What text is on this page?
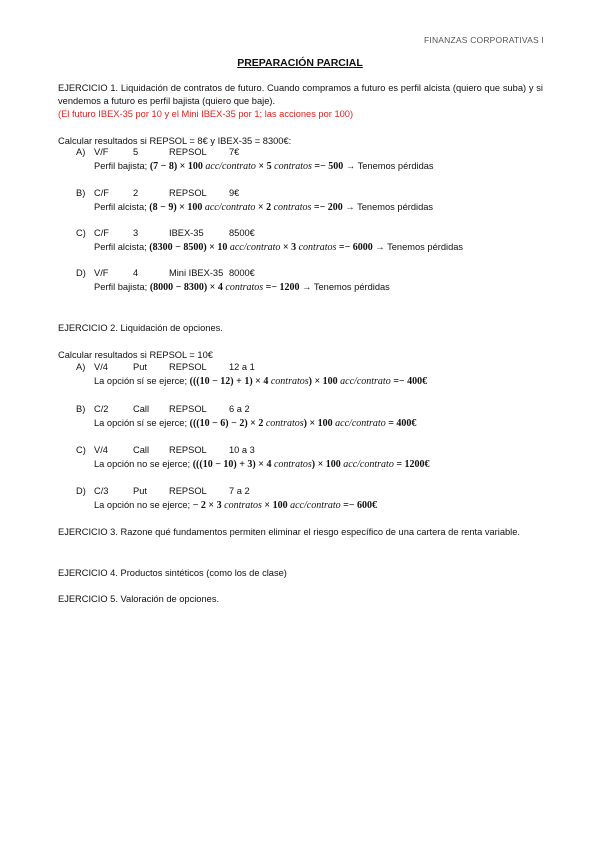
FINANZAS CORPORATIVAS I
PREPARACIÓN PARCIAL
EJERCICIO 1. Liquidación de contratos de futuro. Cuando compramos a futuro es perfil alcista (quiero que suba) y si vendemos a futuro es perfil bajista (quiero que baje).
(El futuro IBEX-35 por 10 y el Mini IBEX-35 por 1; las acciones por 100)
Calcular resultados si REPSOL = 8€ y IBEX-35 = 8300€:
A) V/F	5	REPSOL 7€
Perfil bajista; (7 − 8) × 100 acc/contrato × 5 contratos =− 500 → Tenemos pérdidas
B) C/F	2	REPSOL 9€
Perfil alcista; (8 − 9) × 100 acc/contrato × 2 contratos =− 200 → Tenemos pérdidas
C) C/F	3	IBEX-35	8500€
Perfil alcista; (8300 − 8500) × 10 acc/contrato × 3 contratos =− 6000 → Tenemos pérdidas
D) V/F	4	Mini IBEX-35 8000€
Perfil bajista; (8000 − 8300) × 4 contratos =− 1200 → Tenemos pérdidas
EJERCICIO 2. Liquidación de opciones.
Calcular resultados si REPSOL = 10€
A) V/4	Put REPSOL 12 a 1
La opción sí se ejerce; (((10 − 12) + 1) × 4 contratos) × 100 acc/contrato =− 400€
B) C/2	Call REPSOL 6 a 2
La opción sí se ejerce; (((10 − 6) − 2) × 2 contratos) × 100 acc/contrato = 400€
C) V/4	Call REPSOL 10 a 3
La opción no se ejerce; (((10 − 10) + 3) × 4 contratos) × 100 acc/contrato = 1200€
D) C/3	Put REPSOL 7 a 2
La opción no se ejerce; − 2 × 3 contratos × 100 acc/contrato =− 600€
EJERCICIO 3. Razone qué fundamentos permiten eliminar el riesgo específico de una cartera de renta variable.
EJERCICIO 4. Productos sintéticos (como los de clase)
EJERCICIO 5. Valoración de opciones.
